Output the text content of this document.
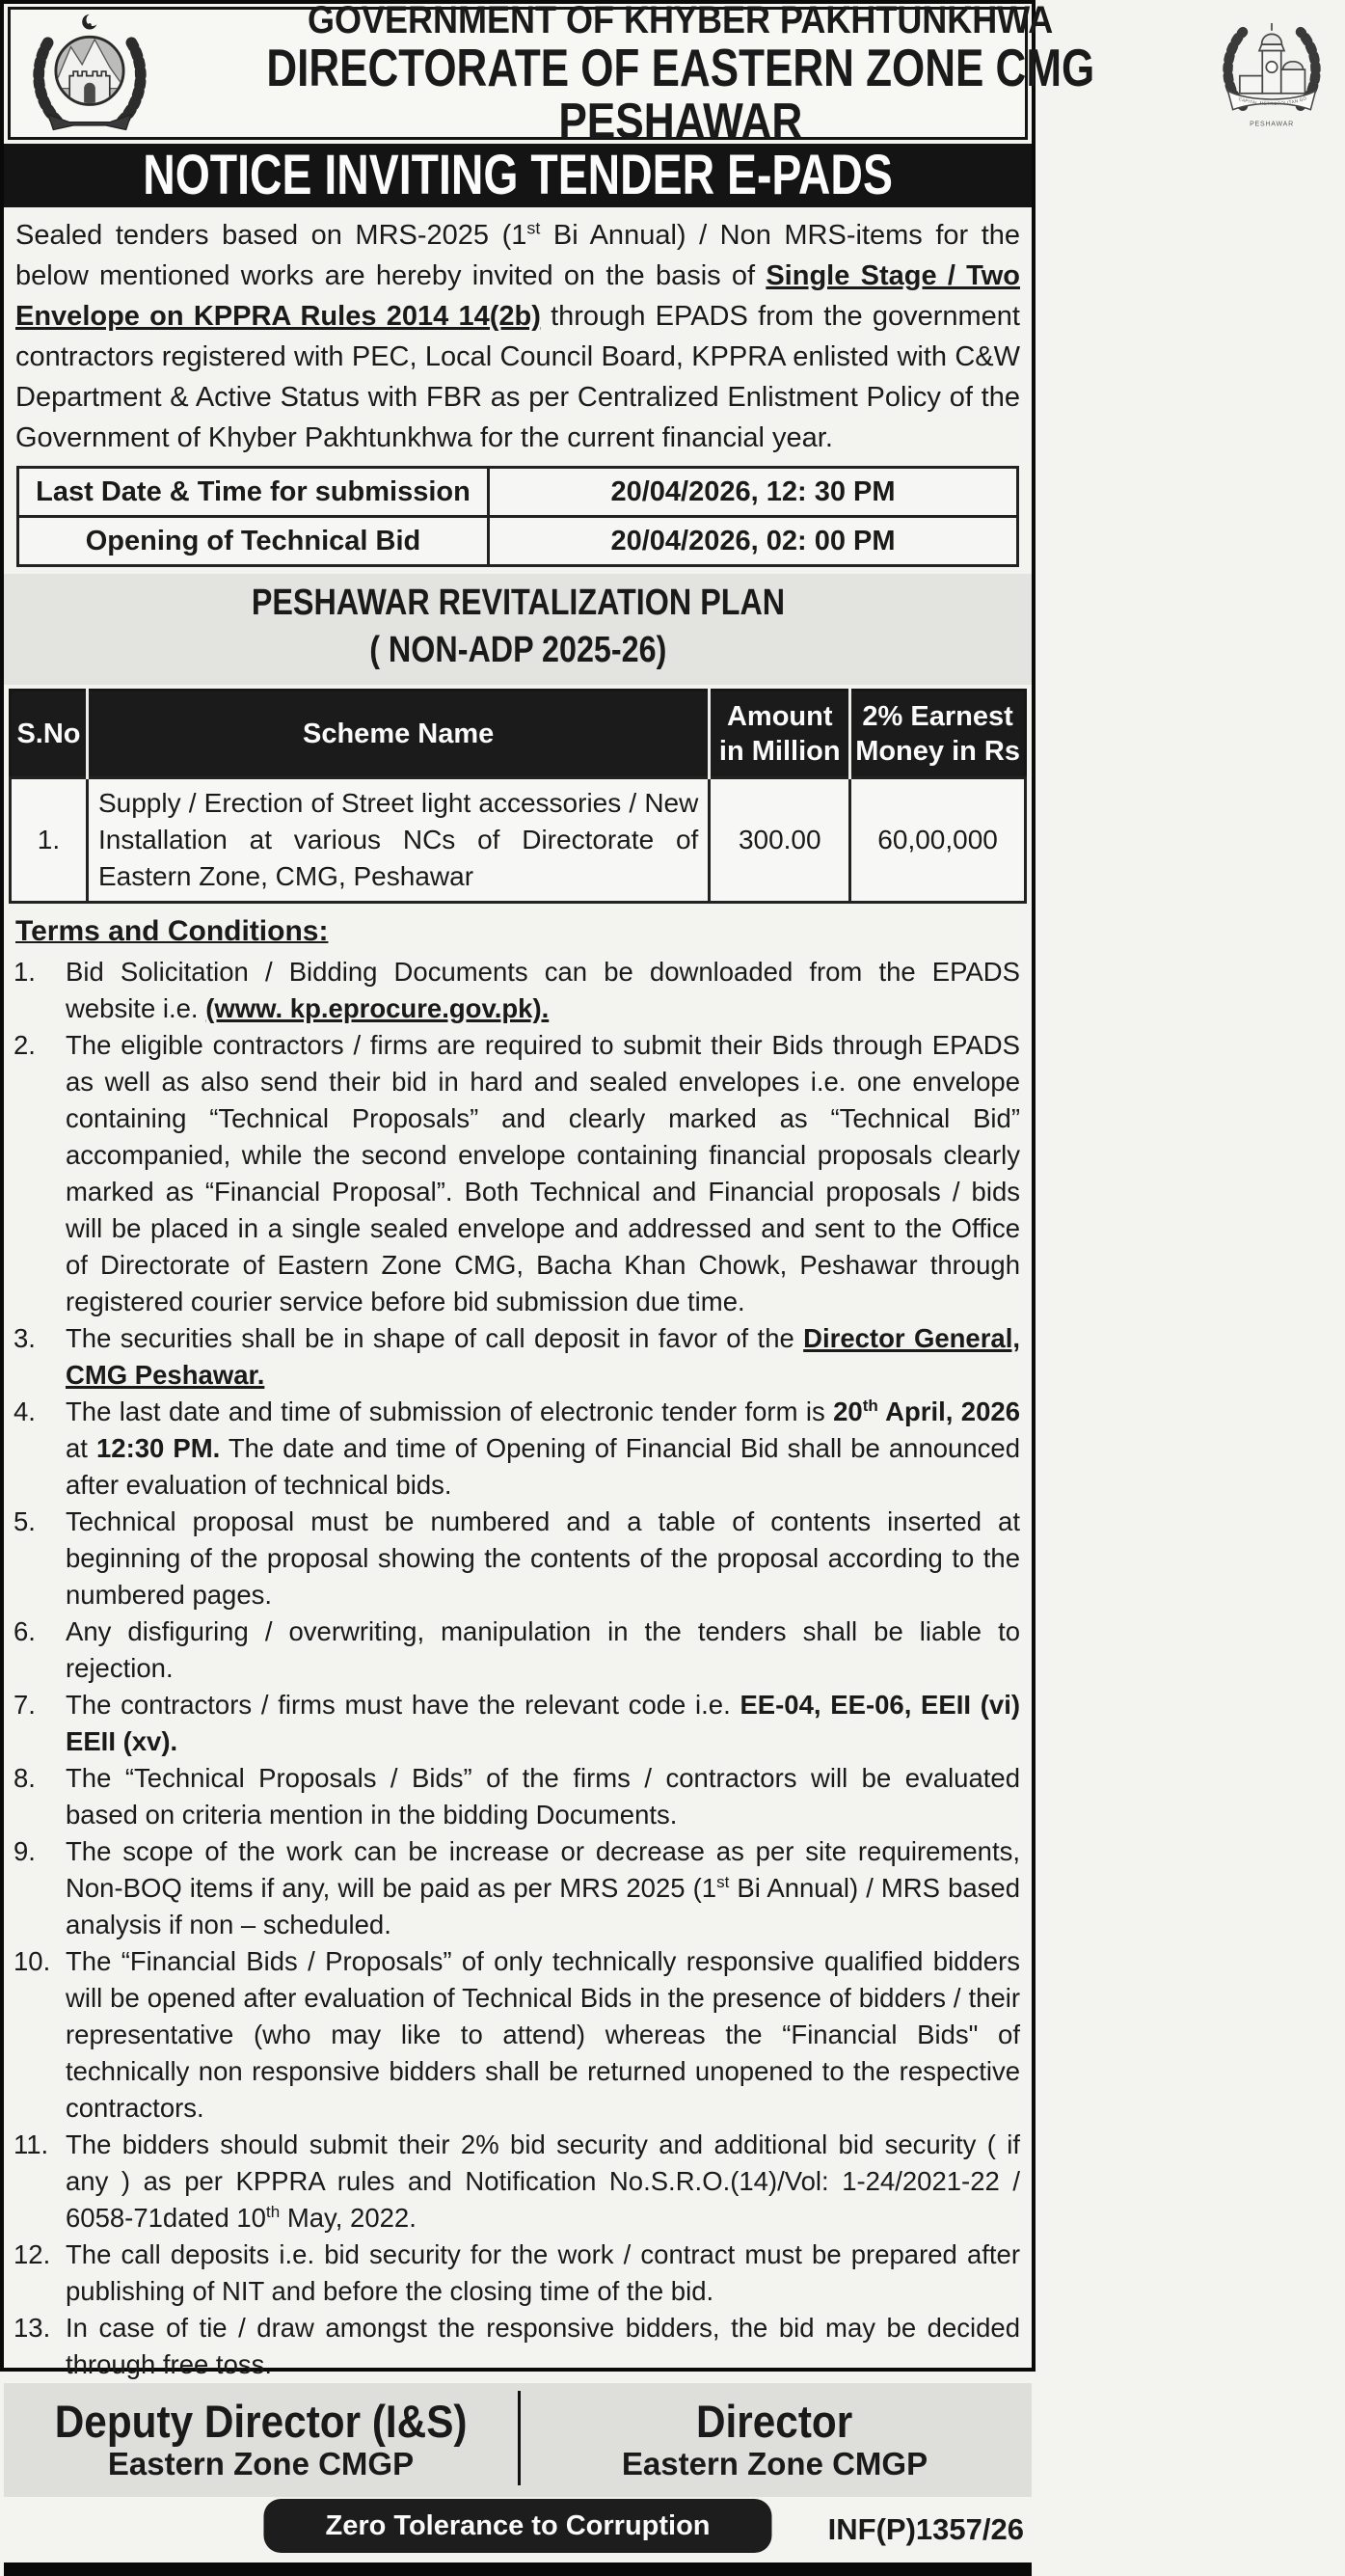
GOVERNMENT OF KHYBER PAKHTUNKHWA
DIRECTORATE OF EASTERN ZONE CMG
PESHAWAR	CAPITAL METROPOLITAN GO
PESHAWAR
NOTICE INVITING TENDER E-PADS

Sealed tenders based on MRS-2025 (1st Bi Annual) / Non MRS-items for the below mentioned works are hereby invited on the basis of Single Stage / Two Envelope on KPPRA Rules 2014 14(2b) through EPADS from the government contractors registered with PEC, Local Council Board, KPPRA enlisted with C&W Department & Active Status with FBR as per Centralized Enlistment Policy of the Government of Khyber Pakhtunkhwa for the current financial year.

Last Date & Time for submission	20/04/2026, 12: 30 PM
Opening of Technical Bid	20/04/2026, 02: 00 PM
PESHAWAR REVITALIZATION PLAN
( NON-ADP 2025-26)
S.No	Scheme Name	Amount in Million	2% Earnest Money in Rs
1.	Supply / Erection of Street light accessories / New Installation at various NCs of Directorate of Eastern Zone, CMG, Peshawar	300.00	60,00,000
Terms and Conditions:
1.	Bid Solicitation / Bidding Documents can be downloaded from the EPADS website i.e. (www. kp.eprocure.gov.pk).
2.	The eligible contractors / firms are required to submit their Bids through EPADS as well as also send their bid in hard and sealed envelopes i.e. one envelope containing “Technical Proposals” and clearly marked as “Technical Bid” accompanied, while the second envelope containing financial proposals clearly marked as “Financial Proposal”. Both Technical and Financial proposals / bids will be placed in a single sealed envelope and addressed and sent to the Office of Directorate of Eastern Zone CMG, Bacha Khan Chowk, Peshawar through registered courier service before bid submission due time.
3.	The securities shall be in shape of call deposit in favor of the Director General, CMG Peshawar.
4.	The last date and time of submission of electronic tender form is 20th April, 2026 at 12:30 PM. The date and time of Opening of Financial Bid shall be announced after evaluation of technical bids.
5.	Technical proposal must be numbered and a table of contents inserted at beginning of the proposal showing the contents of the proposal according to the numbered pages.
6.	Any disfiguring / overwriting, manipulation in the tenders shall be liable to rejection.
7.	The contractors / firms must have the relevant code i.e. EE-04, EE-06, EEII (vi) EEII (xv).
8.	The “Technical Proposals / Bids” of the firms / contractors will be evaluated based on criteria mention in the bidding Documents.
9.	The scope of the work can be increase or decrease as per site requirements, Non-BOQ items if any, will be paid as per MRS 2025 (1st Bi Annual) / MRS based analysis if non – scheduled.
10. The “Financial Bids / Proposals” of only technically responsive qualified bidders will be opened after evaluation of Technical Bids in the presence of bidders / their representative (who may like to attend) whereas the “Financial Bids" of technically non responsive bidders shall be returned unopened to the respective contractors.
11. The bidders should submit their 2% bid security and additional bid security ( if any ) as per KPPRA rules and Notification No.S.R.O.(14)/Vol: 1-24/2021-22 / 6058-71dated 10th May, 2022.
12. The call deposits i.e. bid security for the work / contract must be prepared after publishing of NIT and before the closing time of the bid.
13. In case of tie / draw amongst the responsive bidders, the bid may be decided through free toss.
Deputy Director (I&S)
Eastern Zone CMGP
Director
Eastern Zone CMGP
Zero Tolerance to Corruption	INF(P)1357/26
